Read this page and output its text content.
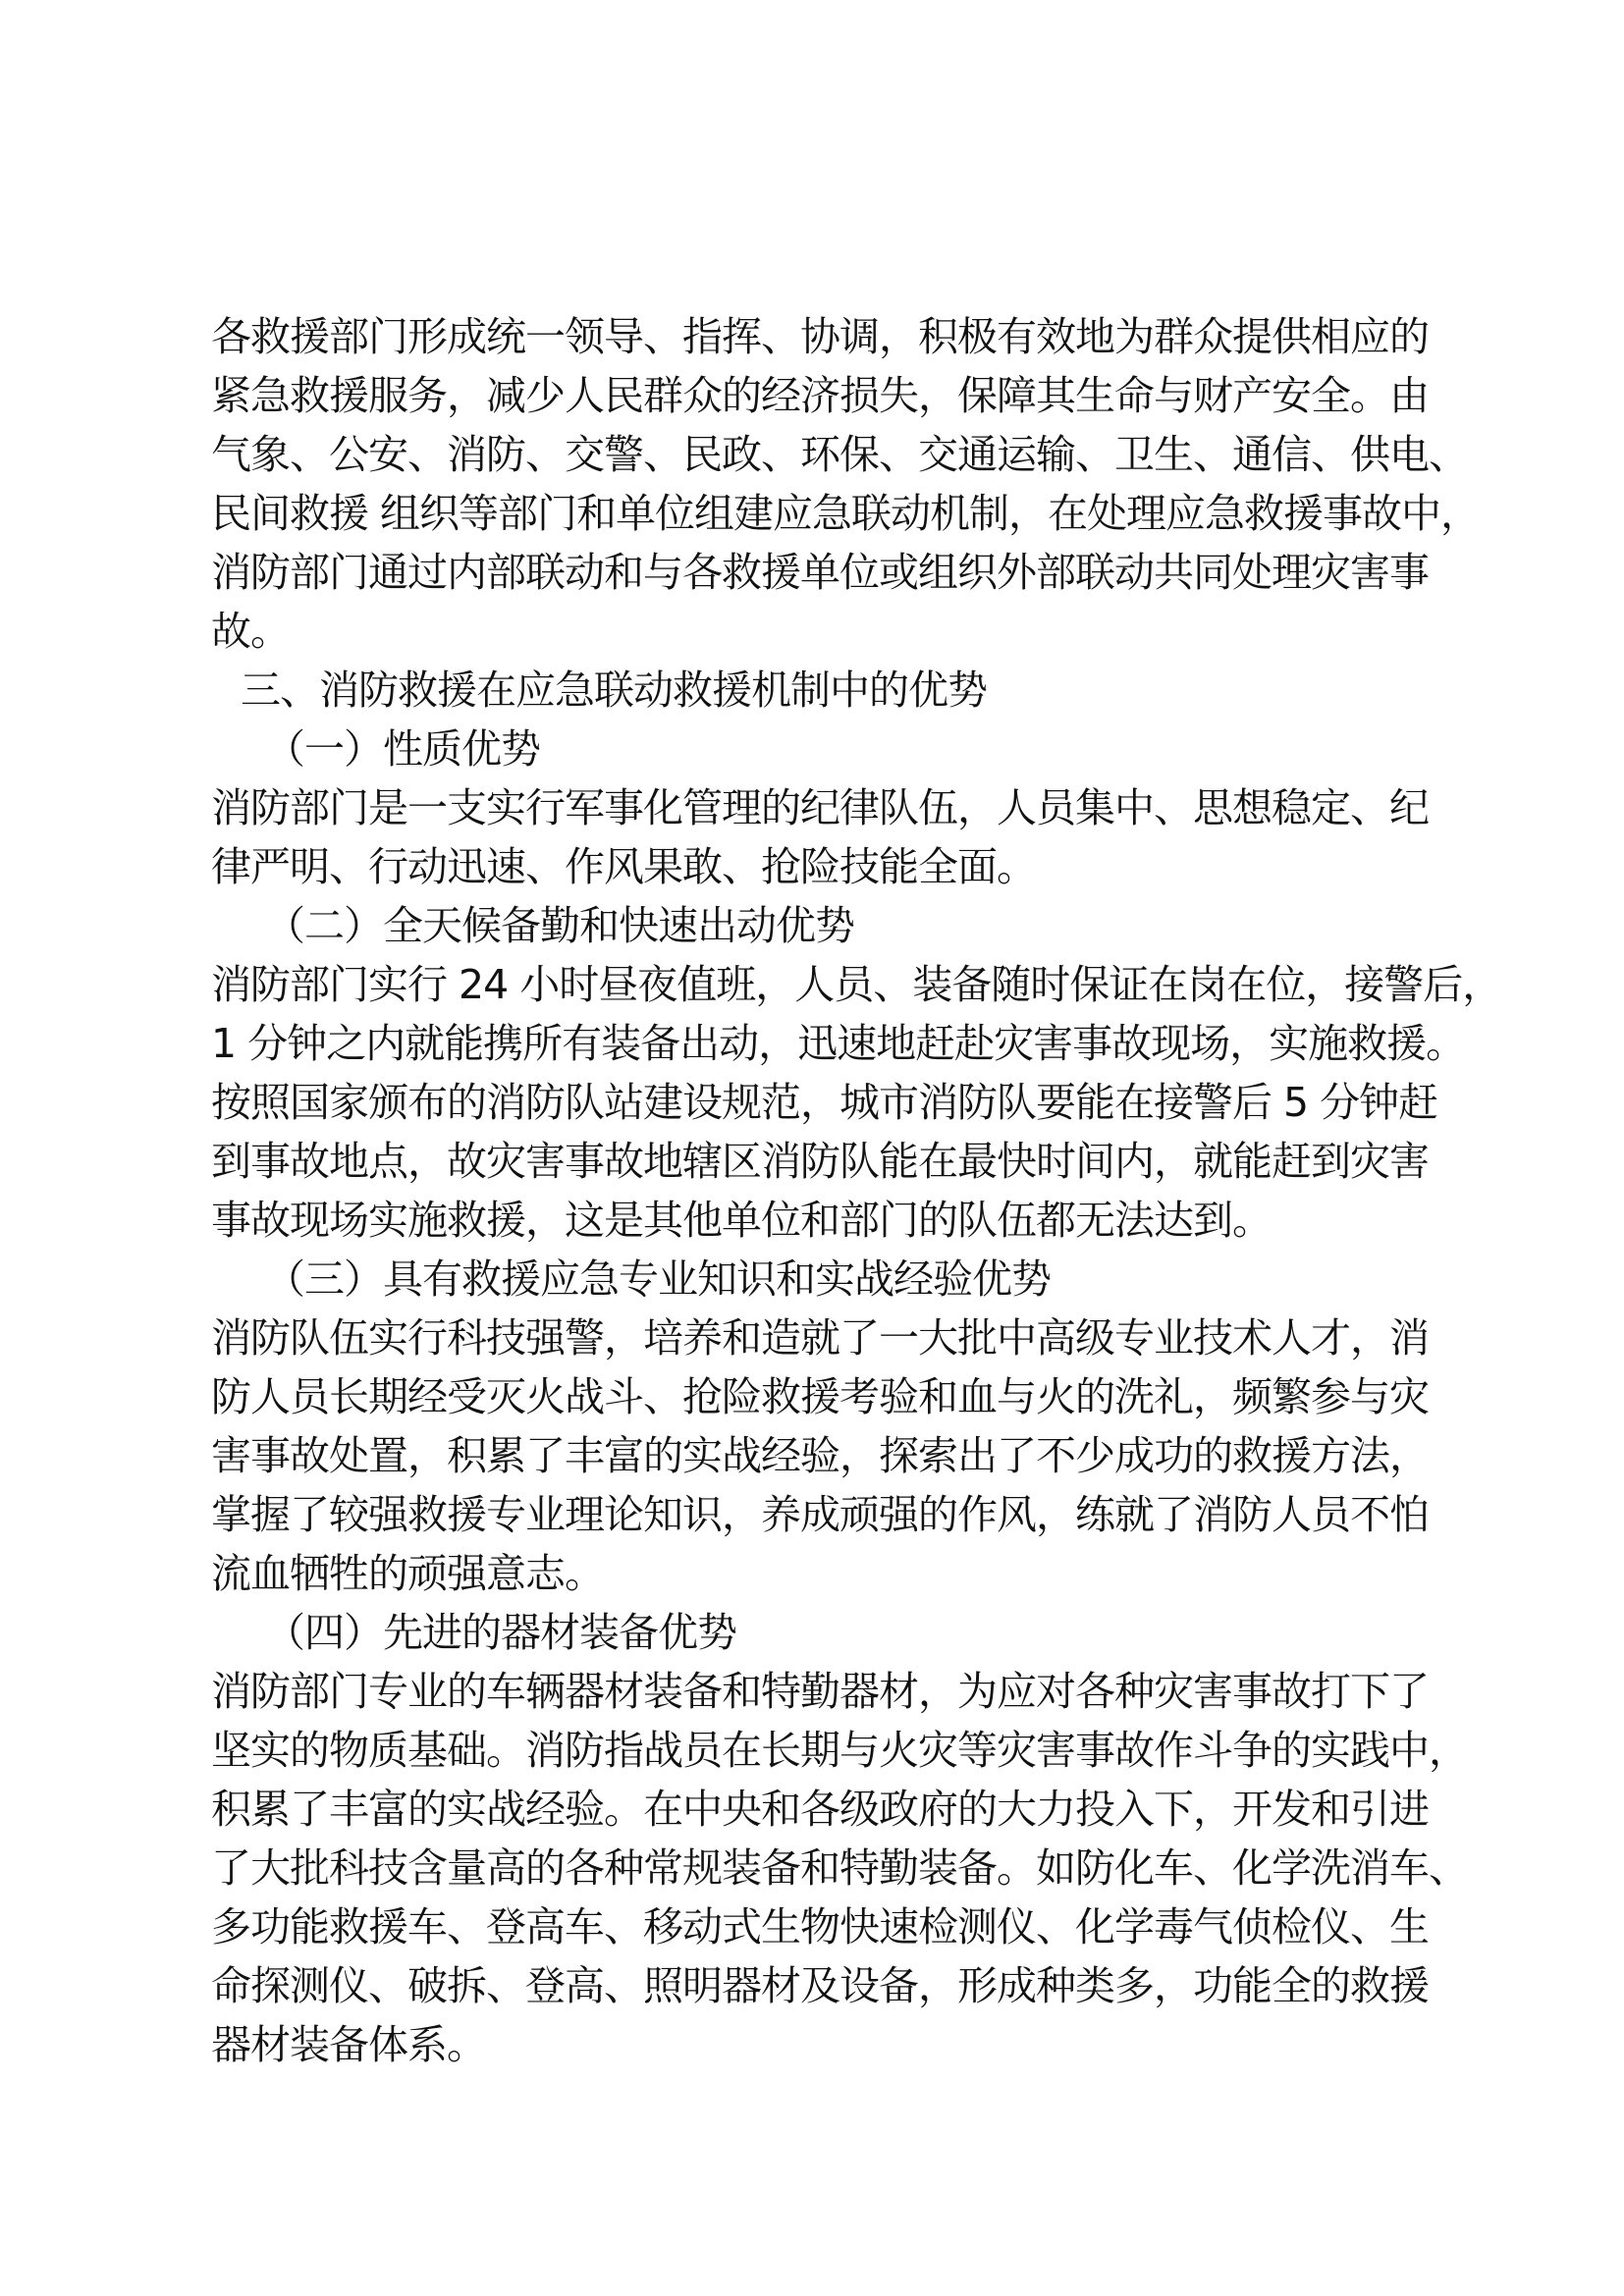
各救援部门形成统一领导、指挥、协调，积极有效地为群众提供相应的
紧急救援服务，减少人民群众的经济损失，保障其生命与财产安全。由
气象、公安、消防、交警、民政、环保、交通运输、卫生、通信、供电、
民间救援 组织等部门和单位组建应急联动机制，在处理应急救援事故中，
消防部门通过内部联动和与各救援单位或组织外部联动共同处理灾害事
故。
三、消防救援在应急联动救援机制中的优势
（一）性质优势
消防部门是一支实行军事化管理的纪律队伍，人员集中、思想稳定、纪
律严明、行动迅速、作风果敢、抢险技能全面。
（二）全天候备勤和快速出动优势
消防部门实行 24 小时昼夜值班，人员、装备随时保证在岗在位，接警后，
1 分钟之内就能携所有装备出动，迅速地赶赴灾害事故现场，实施救援。
按照国家颁布的消防队站建设规范，城市消防队要能在接警后 5 分钟赶
到事故地点，故灾害事故地辖区消防队能在最快时间内，就能赶到灾害
事故现场实施救援，这是其他单位和部门的队伍都无法达到。
（三）具有救援应急专业知识和实战经验优势
消防队伍实行科技强警，培养和造就了一大批中高级专业技术人才，消
防人员长期经受灭火战斗、抢险救援考验和血与火的洗礼，频繁参与灾
害事故处置，积累了丰富的实战经验，探索出了不少成功的救援方法，
掌握了较强救援专业理论知识，养成顽强的作风，练就了消防人员不怕
流血牺牲的顽强意志。
（四）先进的器材装备优势
消防部门专业的车辆器材装备和特勤器材，为应对各种灾害事故打下了
坚实的物质基础。消防指战员在长期与火灾等灾害事故作斗争的实践中，
积累了丰富的实战经验。在中央和各级政府的大力投入下，开发和引进
了大批科技含量高的各种常规装备和特勤装备。如防化车、化学洗消车、
多功能救援车、登高车、移动式生物快速检测仪、化学毒气侦检仪、生
命探测仪、破拆、登高、照明器材及设备，形成种类多，功能全的救援
器材装备体系。
